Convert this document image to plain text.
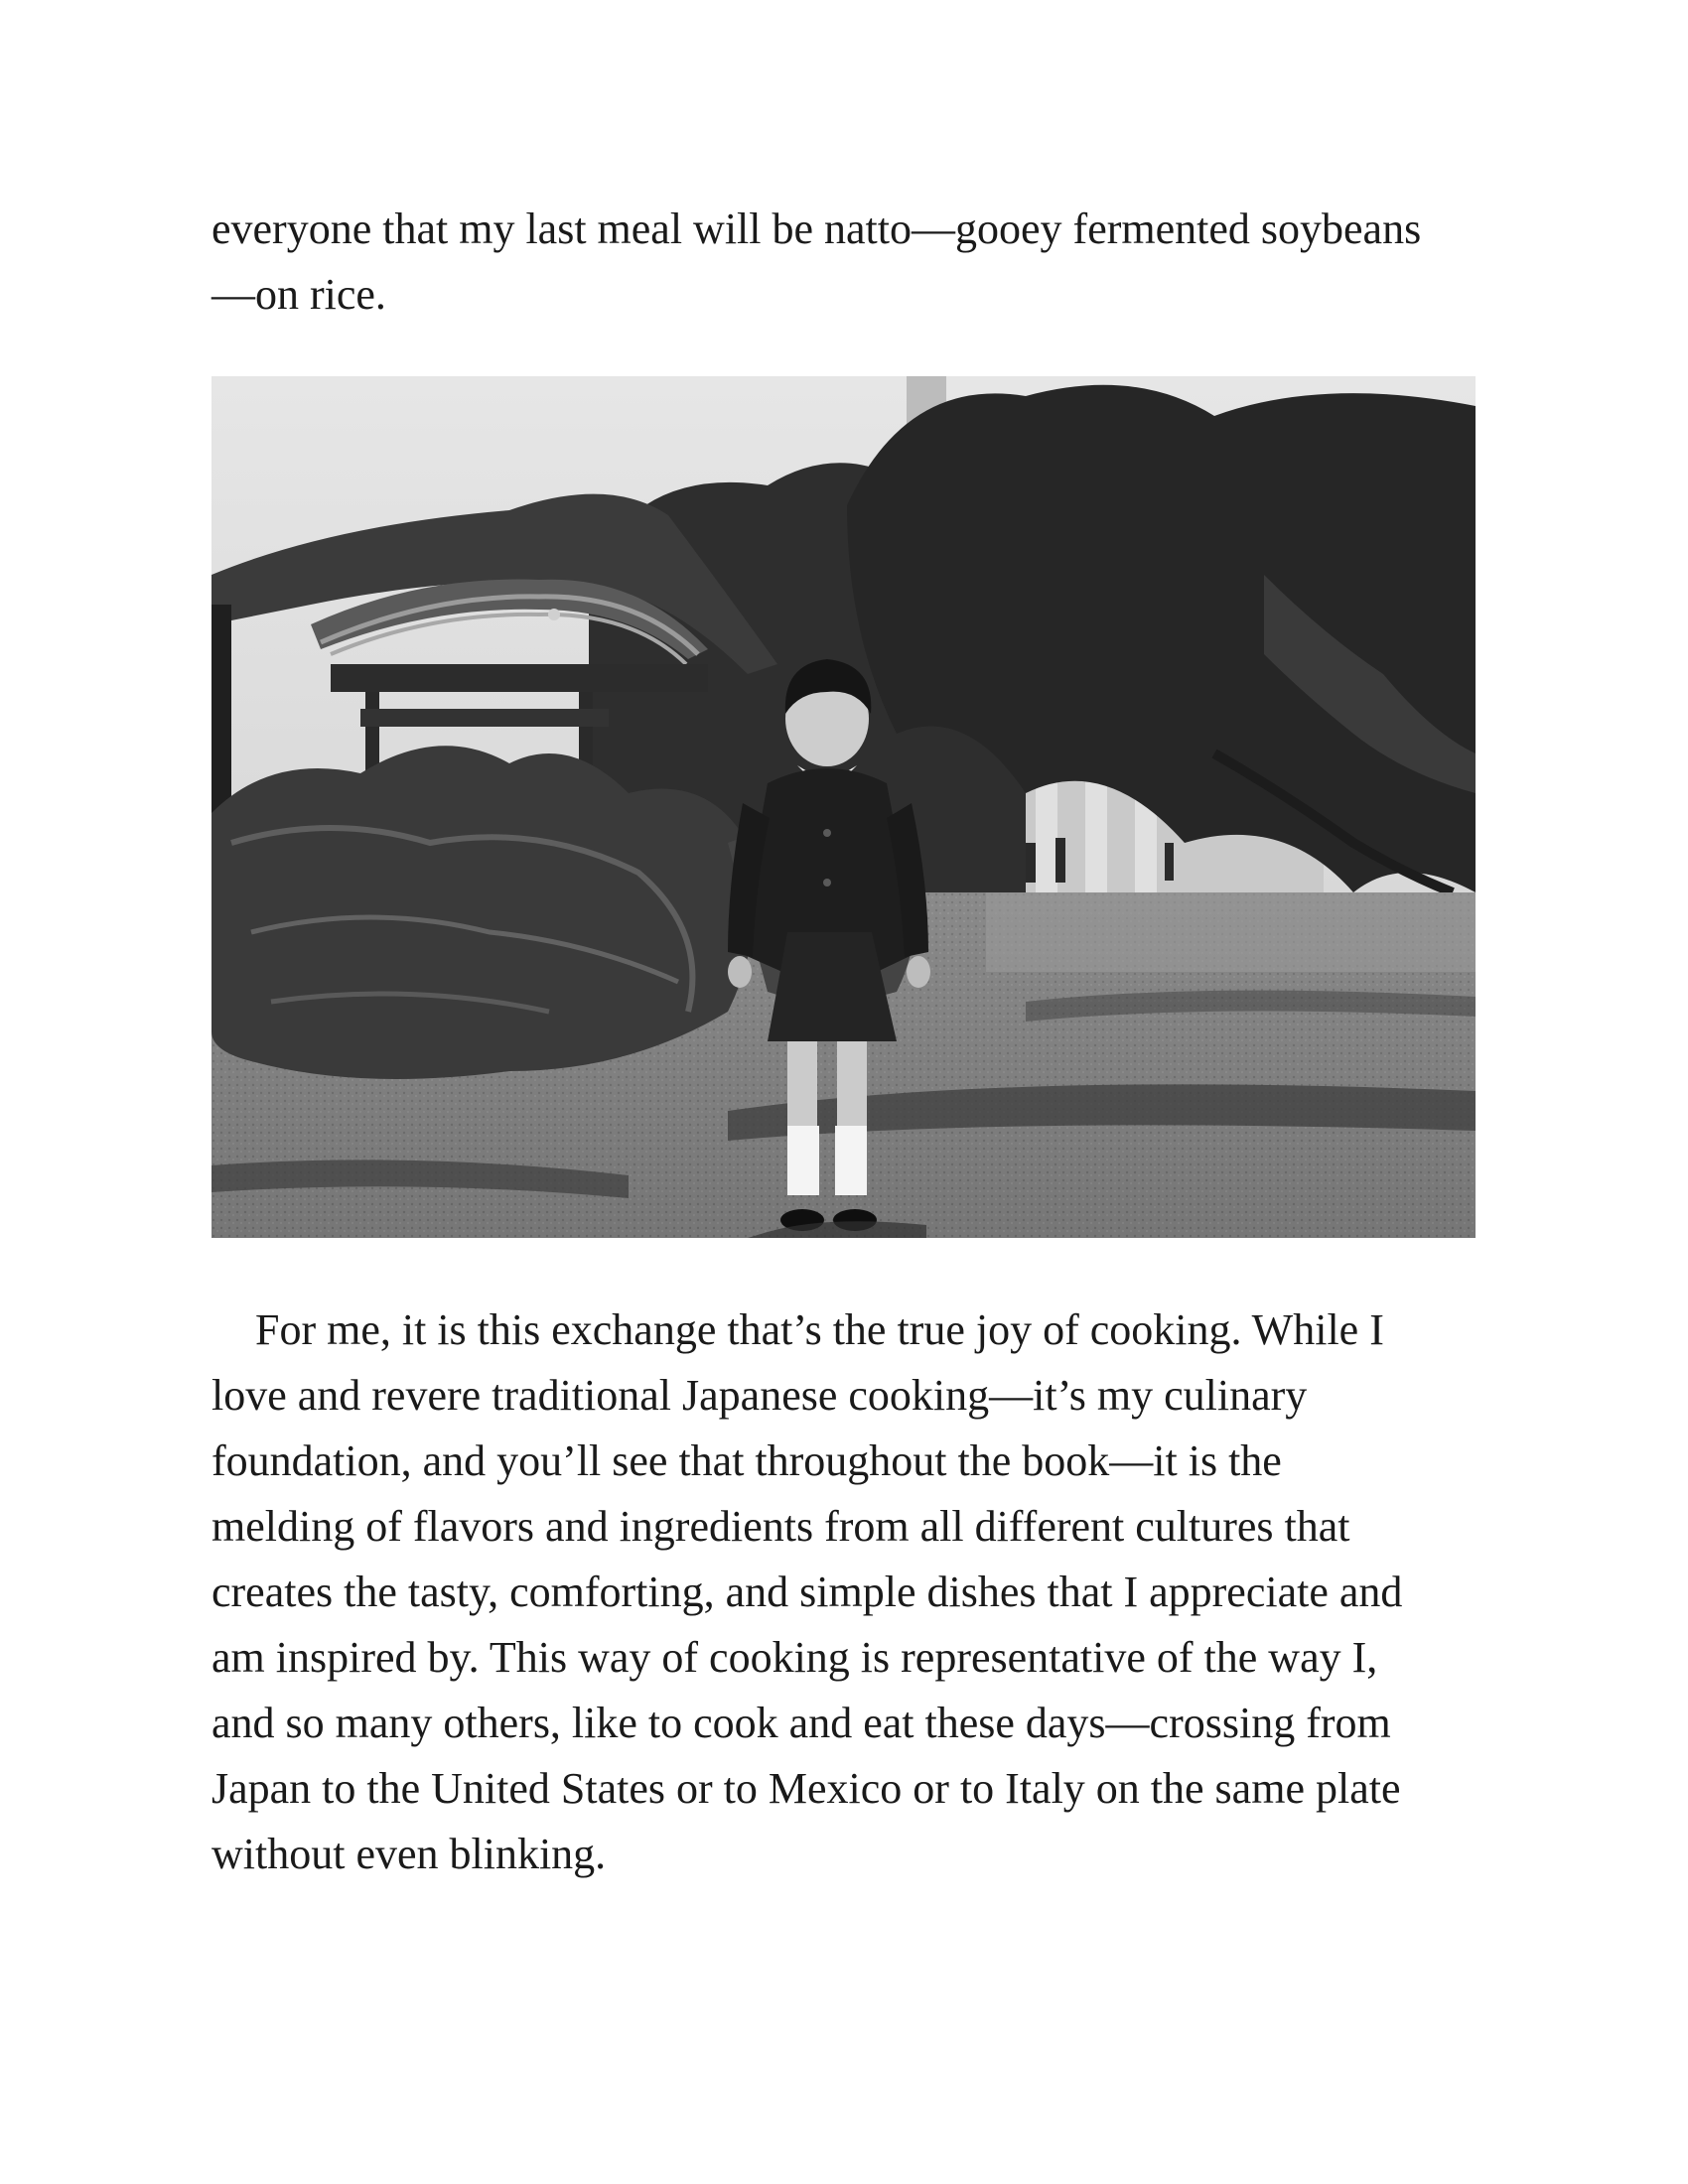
everyone that my last meal will be natto—gooey fermented soybeans
—on rice.

For me, it is this exchange that’s the true joy of cooking. While I
love and revere traditional Japanese cooking—it’s my culinary
foundation, and you’ll see that throughout the book—it is the
melding of flavors and ingredients from all different cultures that
creates the tasty, comforting, and simple dishes that I appreciate and
am inspired by. This way of cooking is representative of the way I,
and so many others, like to cook and eat these days—crossing from
Japan to the United States or to Mexico or to Italy on the same plate
without even blinking.
